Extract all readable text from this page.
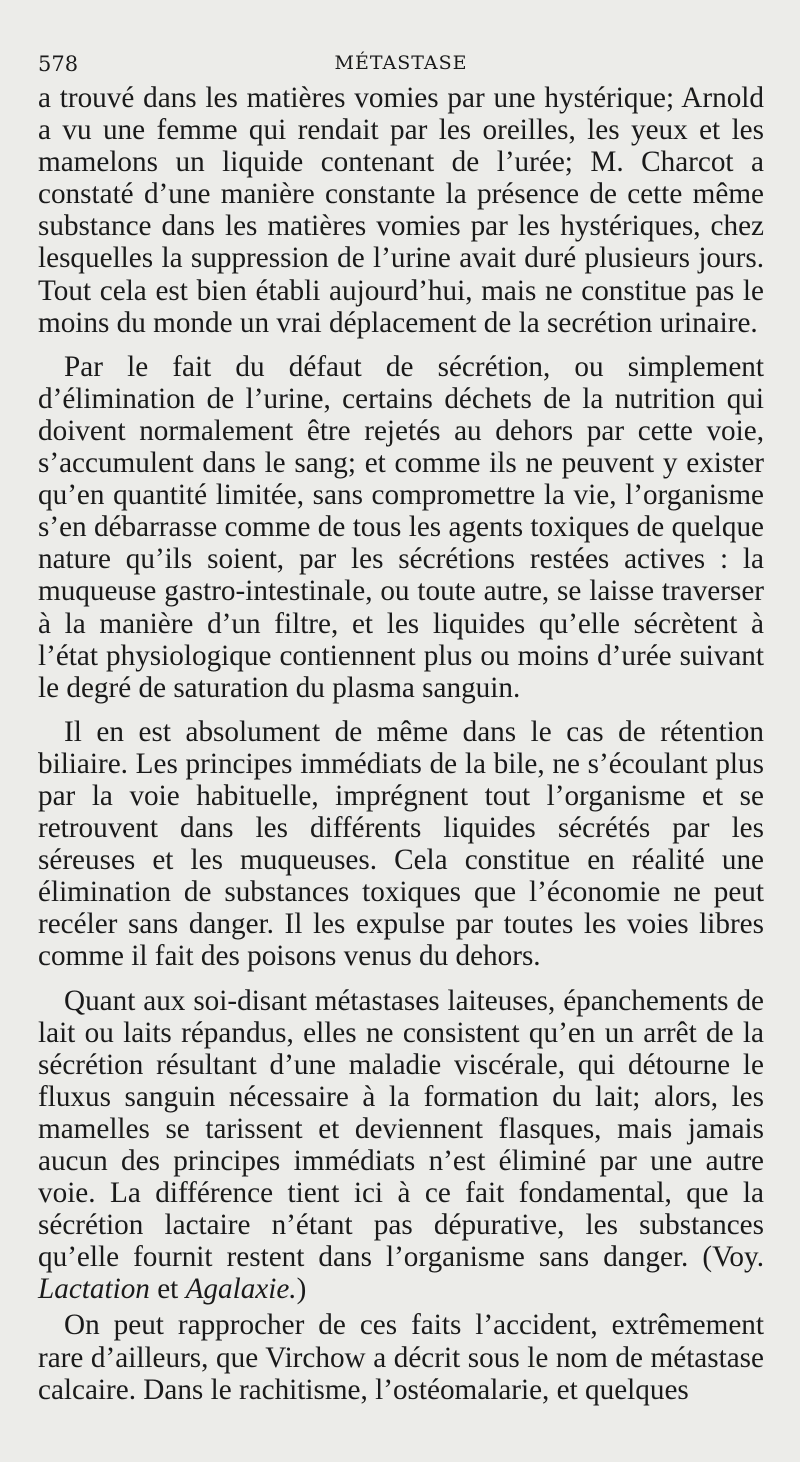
578	MÉTASTASE

a trouvé dans les matières vomies par une hystérique; Arnold a vu une femme qui rendait par les oreilles, les yeux et les mamelons un liquide contenant de l’urée; M. Charcot a constaté d’une manière constante la présence de cette même substance dans les matières vomies par les hystériques, chez lesquelles la suppression de l’urine avait duré plusieurs jours. Tout cela est bien établi aujourd’hui, mais ne constitue pas le moins du monde un vrai déplacement de la secrétion urinaire.

Par le fait du défaut de sécrétion, ou simplement d’élimination de l’urine, certains déchets de la nutrition qui doivent normalement être rejetés au dehors par cette voie, s’accumulent dans le sang; et comme ils ne peuvent y exister qu’en quantité limitée, sans compromettre la vie, l’organisme s’en débarrasse comme de tous les agents toxiques de quelque nature qu’ils soient, par les sécrétions restées actives : la muqueuse gastro-intestinale, ou toute autre, se laisse traverser à la manière d’un filtre, et les liquides qu’elle sécrètent à l’état physiologique contiennent plus ou moins d’urée suivant le degré de saturation du plasma sanguin.

Il en est absolument de même dans le cas de rétention biliaire. Les principes immédiats de la bile, ne s’écoulant plus par la voie habituelle, imprégnent tout l’organisme et se retrouvent dans les différents liquides sécrétés par les séreuses et les muqueuses. Cela constitue en réalité une élimination de substances toxiques que l’économie ne peut recéler sans danger. Il les expulse par toutes les voies libres comme il fait des poisons venus du dehors.

Quant aux soi-disant métastases laiteuses, épanchements de lait ou laits répandus, elles ne consistent qu’en un arrêt de la sécrétion résultant d’une maladie viscérale, qui détourne le fluxus sanguin nécessaire à la formation du lait; alors, les mamelles se tarissent et deviennent flasques, mais jamais aucun des principes immédiats n’est éliminé par une autre voie. La différence tient ici à ce fait fondamental, que la sécrétion lactaire n’étant pas dépurative, les substances qu’elle fournit restent dans l’organisme sans danger. (Voy. Lactation et Agalaxie.)

On peut rapprocher de ces faits l’accident, extrêmement rare d’ailleurs, que Virchow a décrit sous le nom de métastase calcaire. Dans le rachitisme, l’ostéomalarie, et quelques
